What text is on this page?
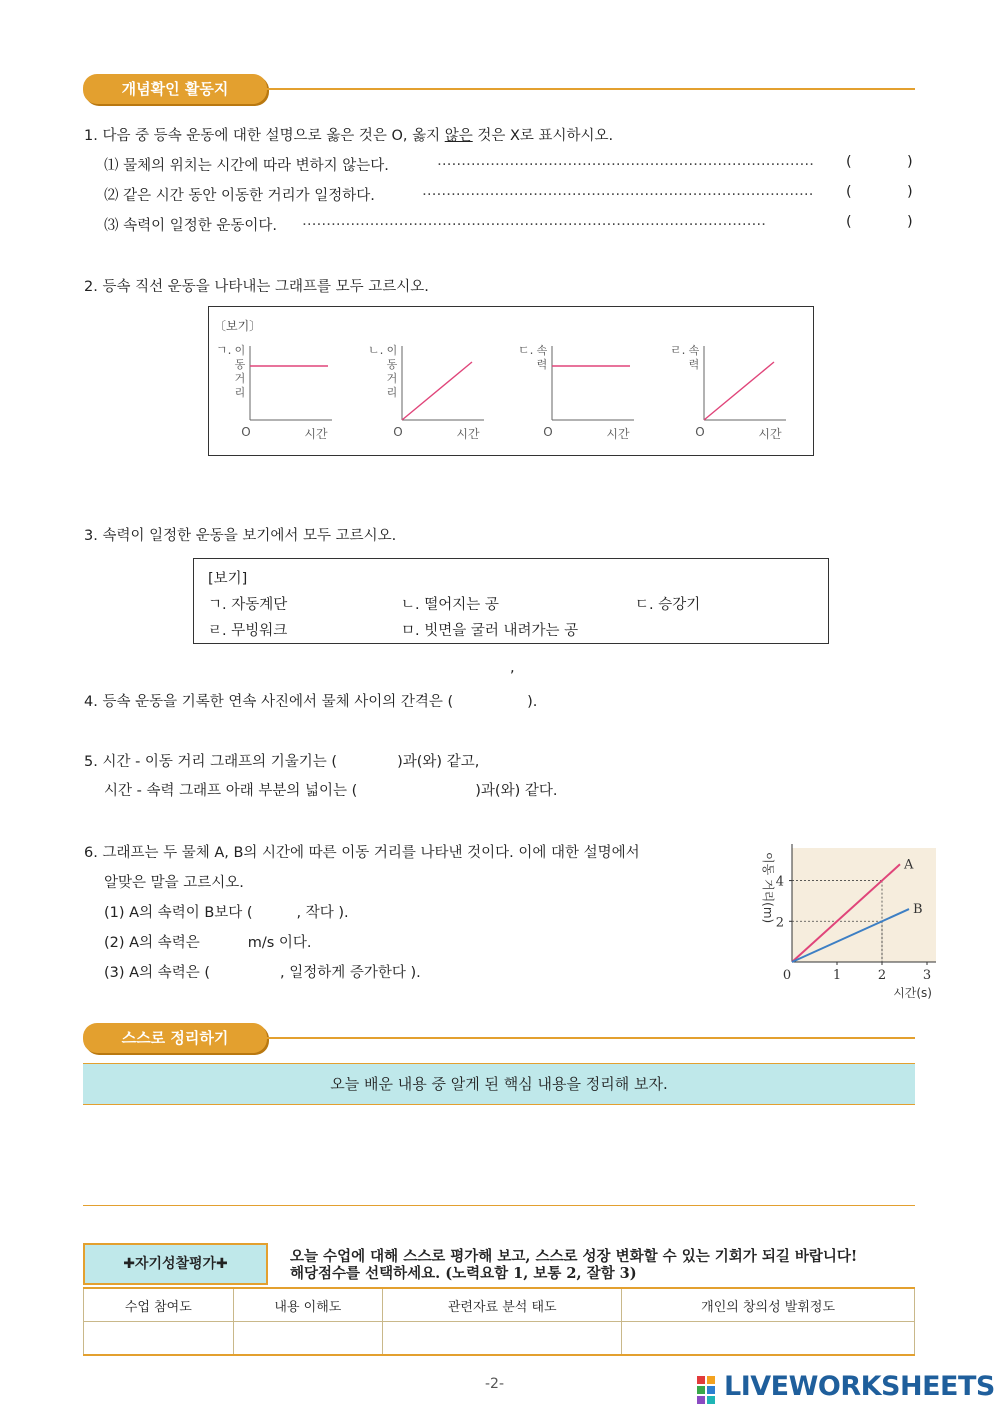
개념확인 활동지
1. 다음 중 등속 운동에 대한 설명으로 옳은 것은 O, 옳지 않은 것은 X로 표시하시오.
⑴ 물체의 위치는 시간에 따라 변하지 않는다.	…………………………………………………………………… (	)
⑵ 같은 시간 동안 이동한 거리가 일정하다.	……………………………………………………………………… (	)
⑶ 속력이 일정한 운동이다. ……………………………………………………………………………………	(	)
2. 등속 직선 운동을 나타내는 그래프를 모두 고르시오.
〔보기〕
ㄱ. 이 동 거 리
O	시간
ㄴ. 이 동 거 리
O	시간
ㄷ. 속 력
O	시간
ㄹ. 속 력
O	시간
3. 속력이 일정한 운동을 보기에서 모두 고르시오.
[보기]
ㄱ. 자동계단	ㄴ. 떨어지는 공	ㄷ. 승강기
ㄹ. 무빙워크	ㅁ. 빗면을 굴러 내려가는 공
,
4. 등속 운동을 기록한 연속 사진에서 물체 사이의 간격은 (	).
5. 시간 - 이동 거리 그래프의 기울기는 (	)과(와) 같고,
시간 - 속력 그래프 아래 부분의 넓이는 (	)과(와) 같다.
6. 그래프는 두 물체 A, B의 시간에 따른 이동 거리를 나타낸 것이다. 이에 대한 설명에서
알맞은 말을 고르시오.
(1) A의 속력이 B보다 (	, 작다 ).
(2) A의 속력은	m/s 이다.
(3) A의 속력은 (	, 일정하게 증가한다 ).
A
B
1	2	3
2
4
0
시간(s)
이동 거리(m)
스스로 정리하기
오늘 배운 내용 중 알게 된 핵심 내용을 정리해 보자.
✚자기성찰평가✚	오늘 수업에 대해 스스로 평가해 보고, 스스로 성장 변화할 수 있는 기회가 되길 바랍니다!
해당점수를 선택하세요. (노력요함 1, 보통 2, 잘함 3)
수업 참여도	내용 이해도	관련자료 분석 태도	개인의 창의성 발휘정도

-2-	LIVEWORKSHEETS
